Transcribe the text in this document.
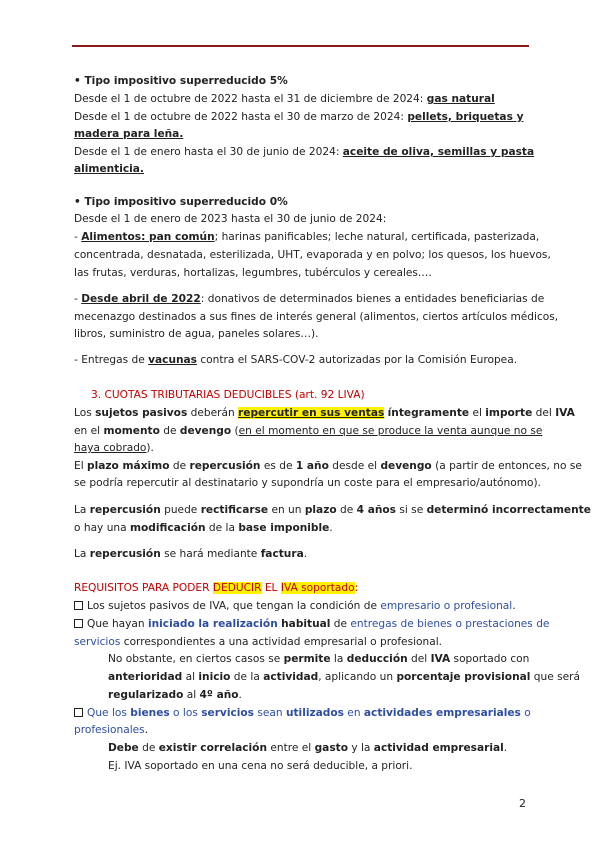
• Tipo impositivo superreducido 5%
Desde el 1 de octubre de 2022 hasta el 31 de diciembre de 2024: gas natural
Desde el 1 de octubre de 2022 hasta el 30 de marzo de 2024: pellets, briquetas y
madera para leña.
Desde el 1 de enero hasta el 30 de junio de 2024: aceite de oliva, semillas y pasta
alimenticia.
• Tipo impositivo superreducido 0%
Desde el 1 de enero de 2023 hasta el 30 de junio de 2024:
- Alimentos: pan común; harinas panificables; leche natural, certificada, pasterizada,
concentrada, desnatada, esterilizada, UHT, evaporada y en polvo; los quesos, los huevos,
las frutas, verduras, hortalizas, legumbres, tubérculos y cereales.…
- Desde abril de 2022: donativos de determinados bienes a entidades beneficiarias de
mecenazgo destinados a sus fines de interés general (alimentos, ciertos artículos médicos,
libros, suministro de agua, paneles solares…).
- Entregas de vacunas contra el SARS-COV-2 autorizadas por la Comisión Europea.
3. CUOTAS TRIBUTARIAS DEDUCIBLES (art. 92 LIVA)
Los sujetos pasivos deberán repercutir en sus ventas íntegramente el importe del IVA
en el momento de devengo (en el momento en que se produce la venta aunque no se
haya cobrado).
El plazo máximo de repercusión es de 1 año desde el devengo (a partir de entonces, no se
se podría repercutir al destinatario y supondría un coste para el empresario/autónomo).
La repercusión puede rectificarse en un plazo de 4 años si se determinó incorrectamente
o hay una modificación de la base imponible.
La repercusión se hará mediante factura.
REQUISITOS PARA PODER DEDUCIR EL IVA soportado:
Los sujetos pasivos de IVA, que tengan la condición de empresario o profesional.
Que hayan iniciado la realización habitual de entregas de bienes o prestaciones de
servicios correspondientes a una actividad empresarial o profesional.
No obstante, en ciertos casos se permite la deducción del IVA soportado con
anterioridad al inicio de la actividad, aplicando un porcentaje provisional que será
regularizado al 4º año.
Que los bienes o los servicios sean utilizados en actividades empresariales o
profesionales.
Debe de existir correlación entre el gasto y la actividad empresarial.
Ej. IVA soportado en una cena no será deducible, a priori.
2
